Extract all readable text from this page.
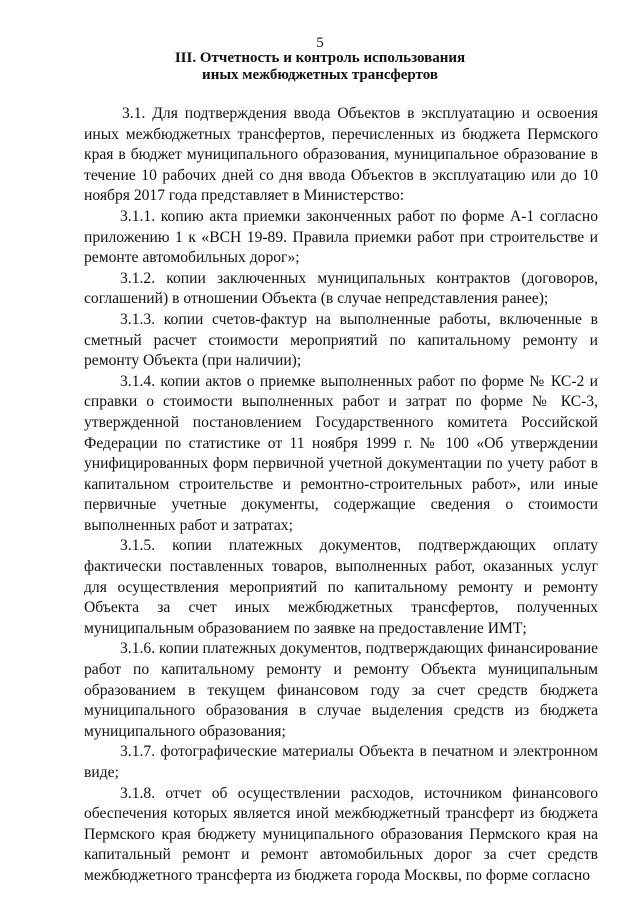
5
III. Отчетность и контроль использования
иных межбюджетных трансфертов

3.1. Для подтверждения ввода Объектов в эксплуатацию и освоения иных межбюджетных трансфертов, перечисленных из бюджета Пермского края в бюджет муниципального образования, муниципальное образование в течение 10 рабочих дней со дня ввода Объектов в эксплуатацию или до 10 ноября 2017 года представляет в Министерство:

3.1.1. копию акта приемки законченных работ по форме А-1 согласно приложению 1 к «ВСН 19-89. Правила приемки работ при строительстве и ремонте автомобильных дорог»;

3.1.2. копии заключенных муниципальных контрактов (договоров, соглашений) в отношении Объекта (в случае непредставления ранее);

3.1.3. копии счетов-фактур на выполненные работы, включенные в сметный расчет стоимости мероприятий по капитальному ремонту и ремонту Объекта (при наличии);

3.1.4. копии актов о приемке выполненных работ по форме № КС-2 и справки о стоимости выполненных работ и затрат по форме № КС-3, утвержденной постановлением Государственного комитета Российской Федерации по статистике от 11 ноября 1999 г. № 100 «Об утверждении унифицированных форм первичной учетной документации по учету работ в капитальном строительстве и ремонтно-строительных работ», или иные первичные учетные документы, содержащие сведения о стоимости выполненных работ и затратах;

3.1.5. копии платежных документов, подтверждающих оплату фактически поставленных товаров, выполненных работ, оказанных услуг для осуществления мероприятий по капитальному ремонту и ремонту Объекта за счет иных межбюджетных трансфертов, полученных муниципальным образованием по заявке на предоставление ИМТ;

3.1.6. копии платежных документов, подтверждающих финансирование работ по капитальному ремонту и ремонту Объекта муниципальным образованием в текущем финансовом году за счет средств бюджета муниципального образования в случае выделения средств из бюджета муниципального образования;

3.1.7. фотографические материалы Объекта в печатном и электронном виде;

3.1.8. отчет об осуществлении расходов, источником финансового обеспечения которых является иной межбюджетный трансферт из бюджета Пермского края бюджету муниципального образования Пермского края на капитальный ремонт и ремонт автомобильных дорог за счет средств межбюджетного трансферта из бюджета города Москвы, по форме согласно
